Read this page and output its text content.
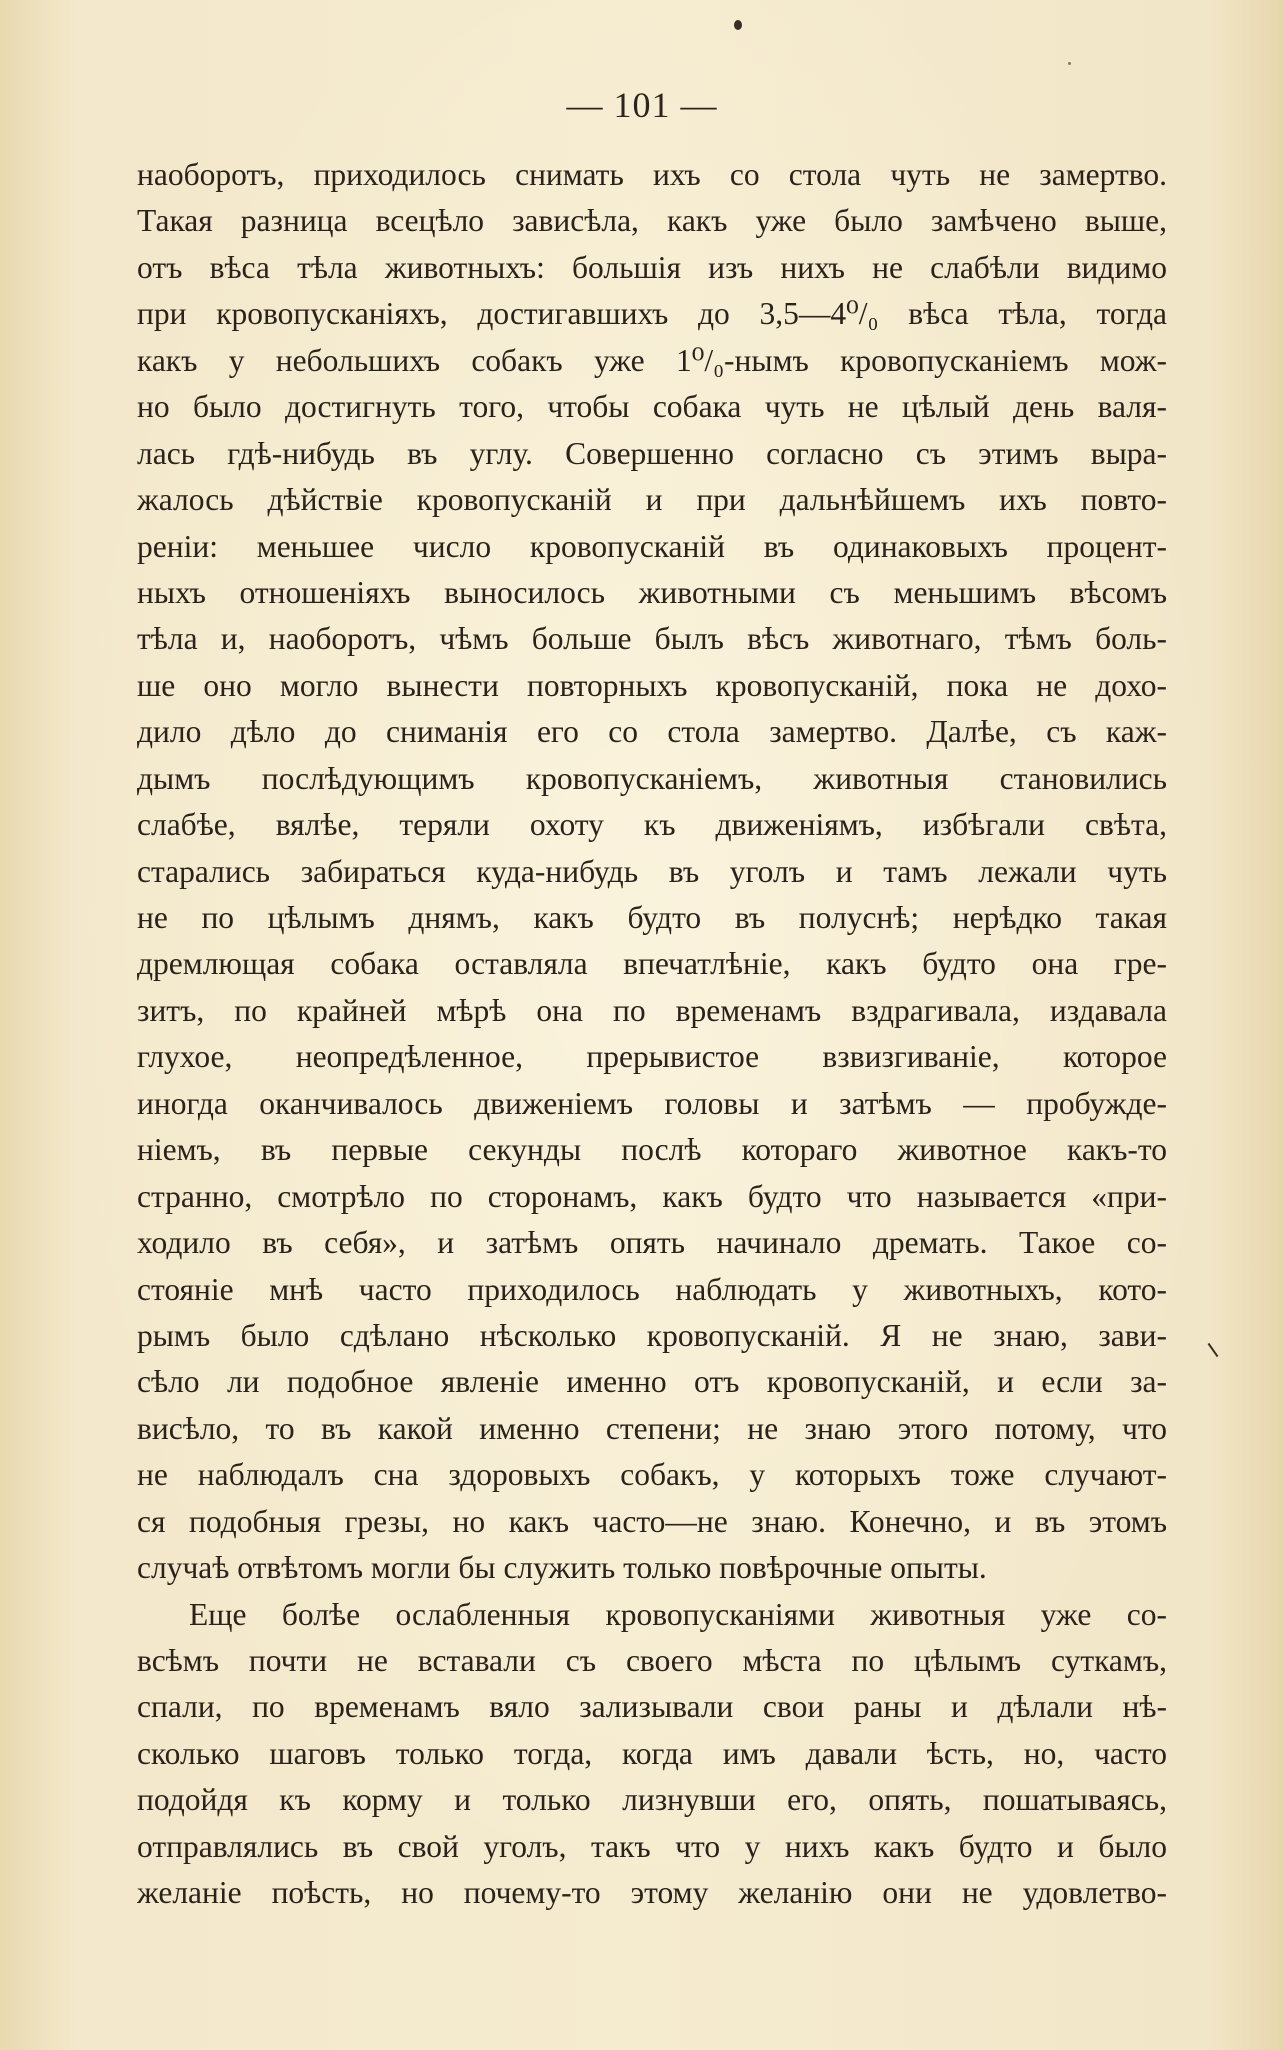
— 101 —
наоборотъ, приходилось снимать ихъ со стола чуть не замертво.
Такая разница всецѣло зависѣла, какъ уже было замѣчено выше,
отъ вѣса тѣла животныхъ: большія изъ нихъ не слабѣли видимо
при кровопусканіяхъ, достигавшихъ до 3,5—4⁰/₀ вѣса тѣла, тогда
какъ у небольшихъ собакъ уже 1⁰/₀-нымъ кровопусканіемъ мож-
но было достигнуть того, чтобы собака чуть не цѣлый день валя-
лась гдѣ-нибудь въ углу. Совершенно согласно съ этимъ выра-
жалось дѣйствіе кровопусканій и при дальнѣйшемъ ихъ повто-
реніи: меньшее число кровопусканій въ одинаковыхъ процент-
ныхъ отношеніяхъ выносилось животными съ меньшимъ вѣсомъ
тѣла и, наоборотъ, чѣмъ больше былъ вѣсъ животнаго, тѣмъ боль-
ше оно могло вынести повторныхъ кровопусканій, пока не дохо-
дило дѣло до сниманія его со стола замертво. Далѣе, съ каж-
дымъ послѣдующимъ кровопусканіемъ, животныя становились
слабѣе, вялѣе, теряли охоту къ движеніямъ, избѣгали свѣта,
старались забираться куда-нибудь въ уголъ и тамъ лежали чуть
не по цѣлымъ днямъ, какъ будто въ полуснѣ; нерѣдко такая
дремлющая собака оставляла впечатлѣніе, какъ будто она гре-
зитъ, по крайней мѣрѣ она по временамъ вздрагивала, издавала
глухое, неопредѣленное, прерывистое взвизгиваніе, которое
иногда оканчивалось движеніемъ головы и затѣмъ — пробужде-
ніемъ, въ первые секунды послѣ котораго животное какъ-то
странно, смотрѣло по сторонамъ, какъ будто что называется «при-
ходило въ себя», и затѣмъ опять начинало дремать. Такое со-
стояніе мнѣ часто приходилось наблюдать у животныхъ, кото-
рымъ было сдѣлано нѣсколько кровопусканій. Я не знаю, зави-
сѣло ли подобное явленіе именно отъ кровопусканій, и если за-
висѣло, то въ какой именно степени; не знаю этого потому, что
не наблюдалъ сна здоровыхъ собакъ, у которыхъ тоже случают-
ся подобныя грезы, но какъ часто—не знаю. Конечно, и въ этомъ
случаѣ отвѣтомъ могли бы служить только повѣрочные опыты.
Еще болѣе ослабленныя кровопусканіями животныя уже со-
всѣмъ почти не вставали съ своего мѣста по цѣлымъ суткамъ,
спали, по временамъ вяло зализывали свои раны и дѣлали нѣ-
сколько шаговъ только тогда, когда имъ давали ѣсть, но, часто
подойдя къ корму и только лизнувши его, опять, пошатываясь,
отправлялись въ свой уголъ, такъ что у нихъ какъ будто и было
желаніе поѣсть, но почему-то этому желанію они не удовлетво-
